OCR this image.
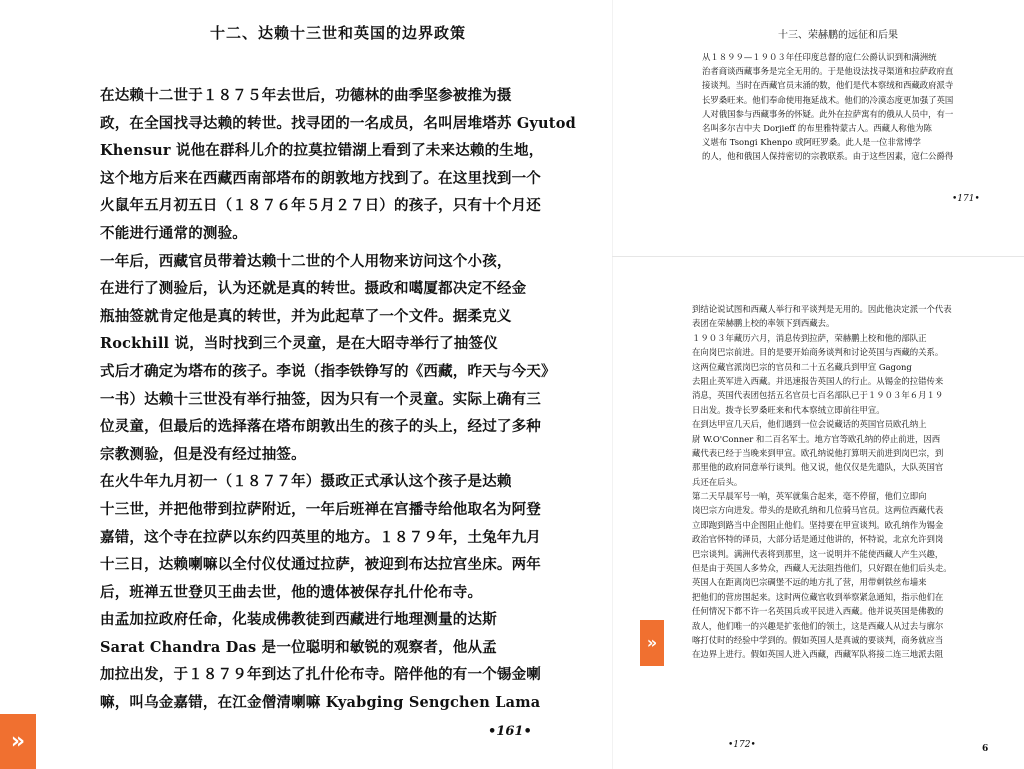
十二、达赖十三世和英国的边界政策
在达赖十二世于１８７５年去世后，功德林的曲季坚参被推为摄
政，在全国找寻达赖的转世。找寻团的一名成员，名叫居堆塔苏 Gyutod
Khensur 说他在群科儿介的拉莫拉错湖上看到了未来达赖的生地，
这个地方后来在西藏西南部塔布的朗敦地方找到了。在这里找到一个
火鼠年五月初五日（１８７６年５月２７日）的孩子，只有十个月还
不能进行通常的测验。
一年后，西藏官员带着达赖十二世的个人用物来访问这个小孩，
在进行了测验后，认为还就是真的转世。摄政和噶厦都决定不经金
瓶抽签就肯定他是真的转世，并为此起草了一个文件。据柔克义
Rockhill 说，当时找到三个灵童，是在大昭寺举行了抽签仪
式后才确定为塔布的孩子。李说（指李铁铮写的《西藏，昨天与今天》
一书）达赖十三世没有举行抽签，因为只有一个灵童。实际上确有三
位灵童，但最后的选择落在塔布朗敦出生的孩子的头上，经过了多种
宗教测验，但是没有经过抽签。
在火牛年九月初一（１８７７年）摄政正式承认这个孩子是达赖
十三世，并把他带到拉萨附近，一年后班禅在宫播寺给他取名为阿登
嘉错，这个寺在拉萨以东约四英里的地方。１８７９年，土兔年九月
十三日，达赖喇嘛以全付仪仗通过拉萨，被迎到布达拉宫坐床。两年
后，班禅五世登贝王曲去世，他的遗体被保存扎什伦布寺。
由孟加拉政府任命，化装成佛教徒到西藏进行地理测量的达斯
Sarat Chandra Das 是一位聪明和敏锐的观察者，他从孟
加拉出发，于１８７９年到达了扎什伦布寺。陪伴他的有一个锡金喇
嘛，叫乌金嘉错，在江金僧清喇嘛 Kyabging Sengchen Lama
•161•
十三、荣赫鹏的远征和后果
从１８９９—１９０３年任印度总督的寇仁公爵认识到和满洲统
治者商谈西藏事务是完全无用的。于是他设法找寻渠道和拉萨政府直
接谈判。当时在西藏官员末涌的数，他们是代本察绒和西藏政府派寺
长罗桑旺来。他们奉命使用拖延战术。他们的冷漠态度更加强了英国
人对俄国参与西藏事务的怀疑。此外在拉萨寓有的俄从人员中，有一
名叫多尔吉中夫 Dorjieff 的布里雅特蒙古人。西藏人称他为陈
义堪布 Tsongi Khenpo 或阿旺罗桑。此人是一位非常博学
的人，他和俄国人保持密切的宗教联系。由于这些因素，寇仁公爵得
•171•
到结论说试图和西藏人举行和平谈判是无用的。因此他决定派一个代表
表团在荣赫鹏上校的率领下到西藏去。
１９０３年藏历六月，消息传到拉萨，荣赫鹏上校和他的部队正
在向岗巴宗前进。目的是要开始商务谈判和讨论英国与西藏的关系。
这两位藏官派岗巴宗的官员和二十五名藏兵到甲宣 Gagong
去阻止英军进入西藏。并迅速报告英国人的行止。从锡金的拉错传来
消息，英国代表团包括五名官员七百名部队已于１９０３年６月１９
日出发。拨寺长罗桑旺来和代本察绒立即前往甲宣。
在到达甲宣几天后，他们遇到一位会说藏话的英国官员欧孔纳上
尉 W.O'Conner 和二百名军士。地方官等欧孔纳的停止前进，因西
藏代表已经于当晚来到甲宣。欧孔纳说他打算明天前进到岗巴宗，到
那里他的政府同意举行谈判。他又说，他仅仅是先遣队，大队英国官
兵还在后头。
第二天早晨军号一响，英军就集合起来，毫不停留，他们立即向
岗巴宗方向进发。带头的是欧孔纳和几位骑马官员。这两位西藏代表
立即跑到路当中企图阻止他们。坚持要在甲宣谈判。欧孔纳作为锡金
政治官怀特的译员，大部分话是通过他讲的，怀特说，北京允许到岗
巴宗谈判。满洲代表将到那里，这一说明并不能使西藏人产生兴趣，
但是由于英国人多势众，西藏人无法阻挡他们，只好跟在他们后头走。
英国人在距离岗巴宗碉堡不远的地方扎了营，用带刺铁丝布墙来
把他们的营房围起来。这时两位藏官收到举察紧急通知，指示他们在
任何情况下都不许一名英国兵或平民进入西藏。他并说英国是佛教的
敌人，他们唯一的兴趣是扩张他们的领土，这是西藏人从过去与廓尔
喀打仗时的经验中学到的。假如英国人是真诚的要谈判，商务就应当
在边界上进行。假如英国人进入西藏，西藏军队将接二连三地派去阻
•172•	6
»
»
